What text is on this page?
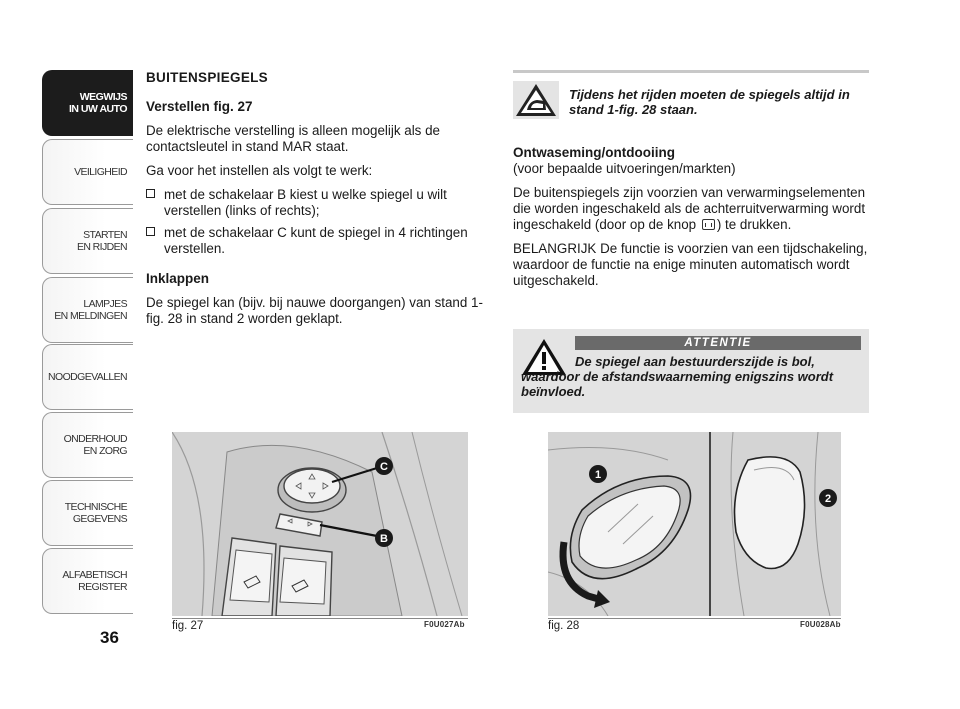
WEGWIJS
IN UW AUTO
VEILIGHEID
STARTEN
EN RIJDEN
LAMPJES
EN MELDINGEN
NOODGEVALLEN
ONDERHOUD
EN ZORG
TECHNISCHE
GEGEVENS
ALFABETISCH
REGISTER
36
BUITENSPIEGELS
Verstellen fig. 27

De elektrische verstelling is alleen mogelijk als de contactsleutel in stand MAR staat.

Ga voor het instellen als volgt te werk:

met de schakelaar B kiest u welke spiegel u wilt verstellen (links of rechts);
met de schakelaar C kunt de spiegel in 4 richtingen verstellen.
Inklappen

De spiegel kan (bijv. bij nauwe doorgangen) van stand 1-fig. 28 in stand 2 worden geklapt.

Tijdens het rijden moeten de spiegels altijd in stand 1-fig. 28 staan.
Ontwaseming/ontdooiing

(voor bepaalde uitvoeringen/markten)

De buitenspiegels zijn voorzien van verwarmingselementen die worden ingeschakeld als de achterruitverwarming wordt ingeschakeld (door op de knop ) te drukken.

BELANGRIJK De functie is voorzien van een tijdschakeling, waardoor de functie na enige minuten automatisch wordt uitgeschakeld.

ATTENTIE
De spiegel aan bestuurderszijde is bol, waardoor de afstandswaarneming enigszins wordt beïnvloed.
C
B
fig. 27	F0U027Ab
1
2
fig. 28	F0U028Ab
